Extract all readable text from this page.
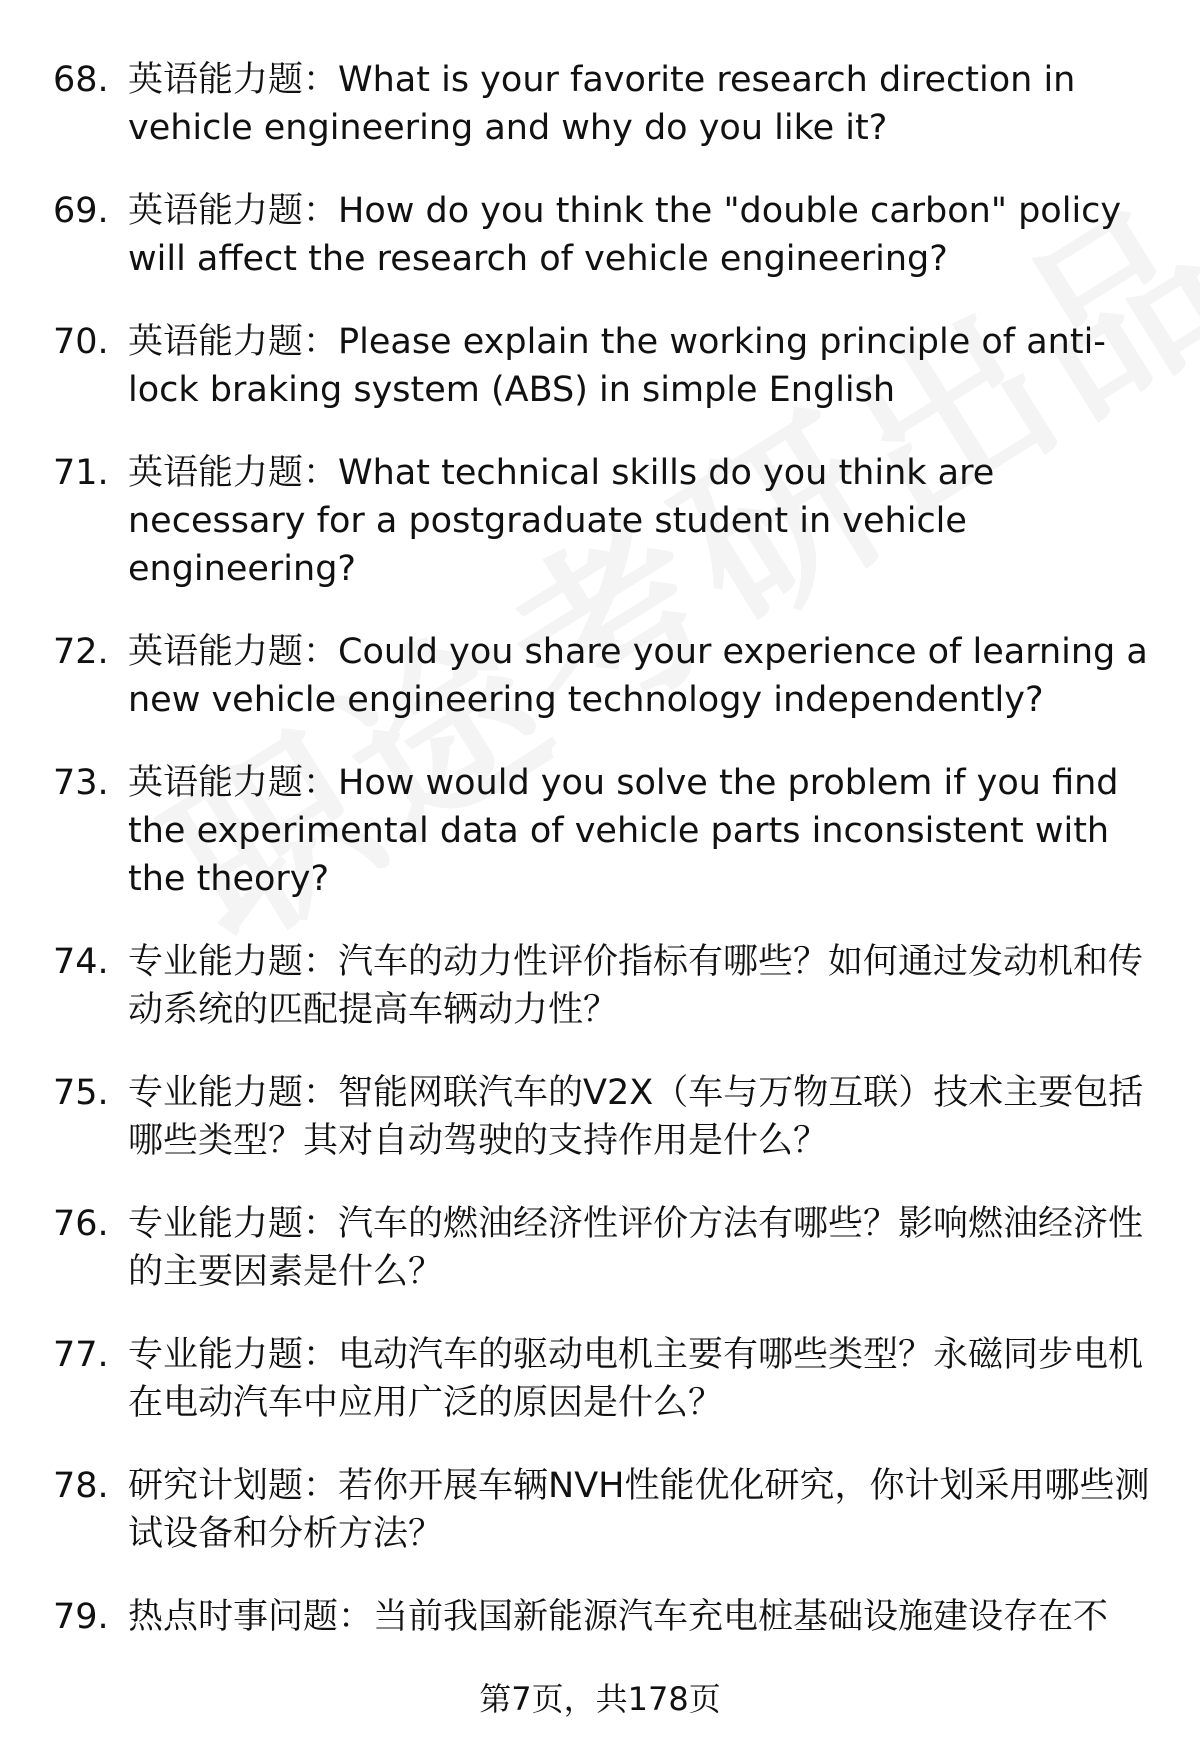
68. 英语能力题：What is your favorite research direction in vehicle engineering and why do you like it?
69. 英语能力题：How do you think the "double carbon" policy will affect the research of vehicle engineering?
70. 英语能力题：Please explain the working principle of anti-lock braking system (ABS) in simple English
71. 英语能力题：What technical skills do you think are necessary for a postgraduate student in vehicle engineering?
72. 英语能力题：Could you share your experience of learning a new vehicle engineering technology independently?
73. 英语能力题：How would you solve the problem if you find the experimental data of vehicle parts inconsistent with the theory?
74. 专业能力题：汽车的动力性评价指标有哪些？如何通过发动机和传动系统的匹配提高车辆动力性？
75. 专业能力题：智能网联汽车的V2X（车与万物互联）技术主要包括哪些类型？其对自动驾驶的支持作用是什么？
76. 专业能力题：汽车的燃油经济性评价方法有哪些？影响燃油经济性的主要因素是什么？
77. 专业能力题：电动汽车的驱动电机主要有哪些类型？永磁同步电机在电动汽车中应用广泛的原因是什么？
78. 研究计划题：若你开展车辆NVH性能优化研究，你计划采用哪些测试设备和分析方法？
79. 热点时事问题：当前我国新能源汽车充电桩基础设施建设存在不
第7页，共178页
